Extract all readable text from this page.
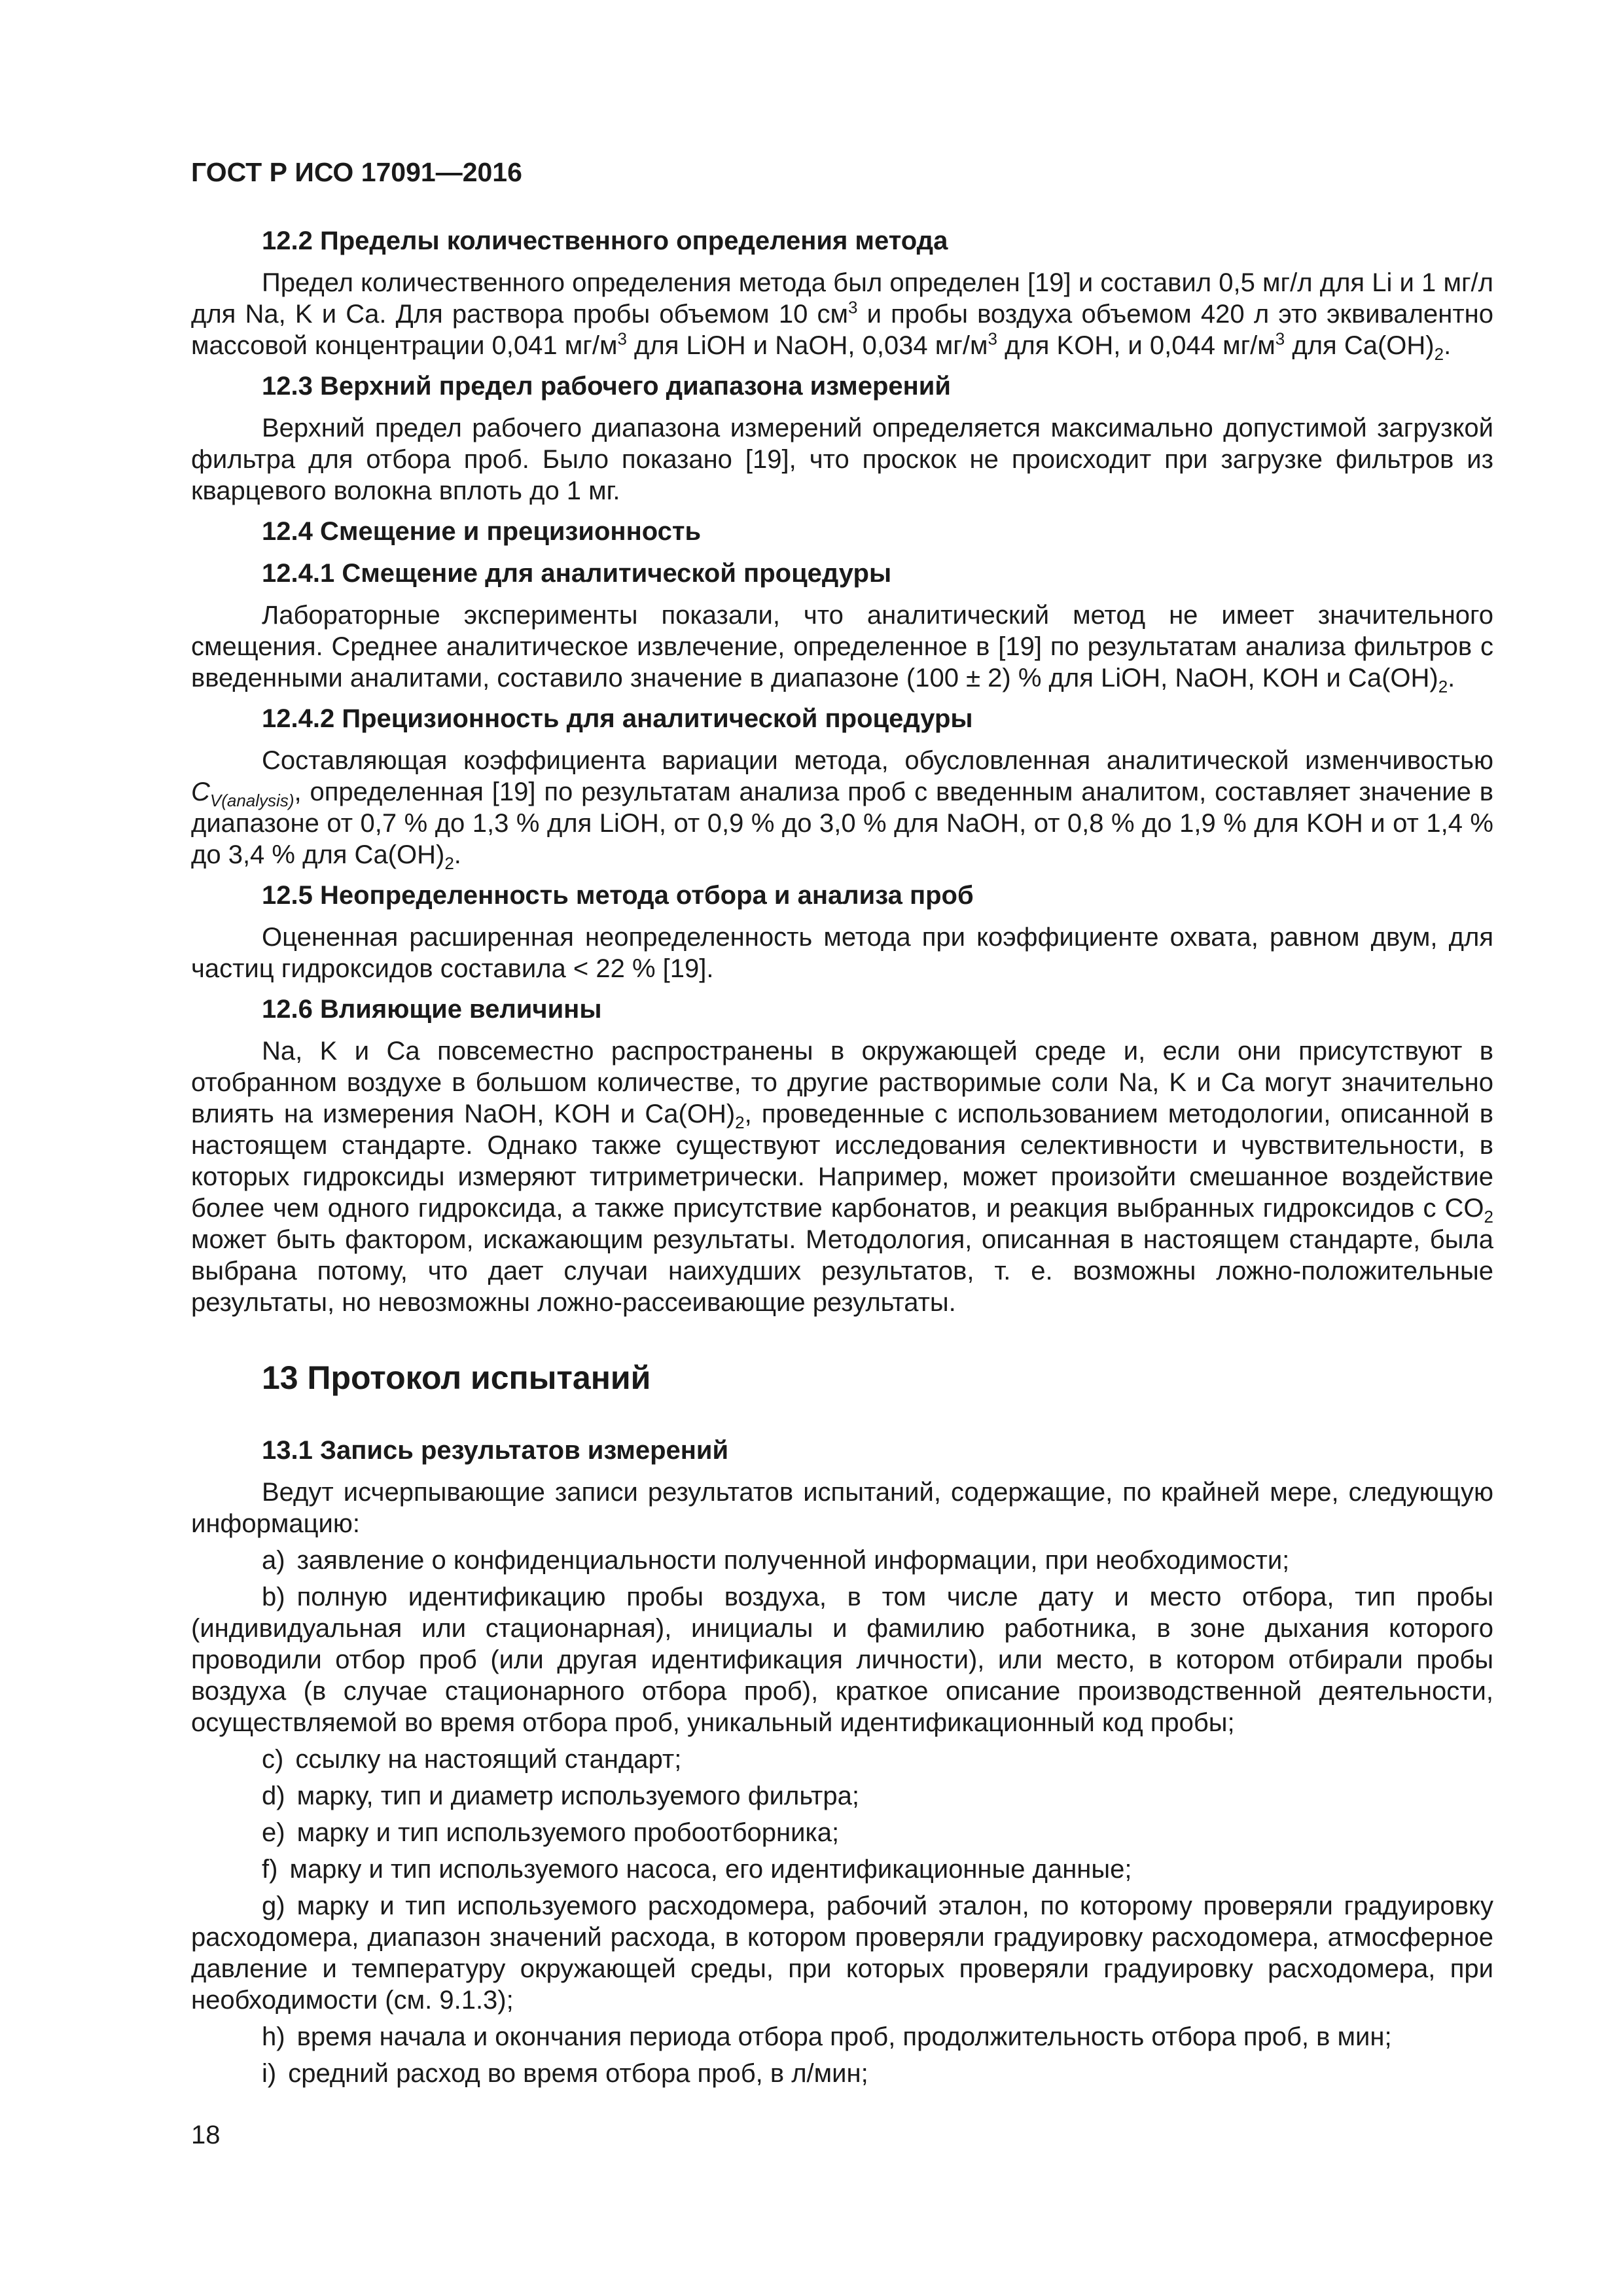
ГОСТ Р ИСО 17091—2016
12.2 Пределы количественного определения метода

Предел количественного определения метода был определен [19] и составил 0,5 мг/л для Li и 1 мг/л для Na, K и Ca. Для раствора пробы объемом 10 $см^3$ и пробы воздуха объемом 420 л это эквивалентно массовой концентрации 0,041 $мг/м^3$ для LiOH и NaOH, 0,034 $мг/м^3$ для KOH, и 0,044 $мг/м^3$ для $Ca(OH)_2$.

12.3 Верхний предел рабочего диапазона измерений

Верхний предел рабочего диапазона измерений определяется максимально допустимой загрузкой фильтра для отбора проб. Было показано [19], что проскок не происходит при загрузке фильтров из кварцевого волокна вплоть до 1 мг.

12.4 Смещение и прецизионность
12.4.1 Смещение для аналитической процедуры

Лабораторные эксперименты показали, что аналитический метод не имеет значительного смещения. Среднее аналитическое извлечение, определенное в [19] по результатам анализа фильтров с введенными аналитами, составило значение в диапазоне (100 ± 2) % для LiOH, NaOH, KOH и $Ca(OH)_2$.

12.4.2 Прецизионность для аналитической процедуры

Составляющая коэффициента вариации метода, обусловленная аналитической изменчивостью $C_{V(analysis)}$, определенная [19] по результатам анализа проб с введенным аналитом, составляет значение в диапазоне от 0,7 % до 1,3 % для LiOH, от 0,9 % до 3,0 % для NaOH, от 0,8 % до 1,9 % для KOH и от 1,4 % до 3,4 % для $Ca(OH)_2$.

12.5 Неопределенность метода отбора и анализа проб

Оцененная расширенная неопределенность метода при коэффициенте охвата, равном двум, для частиц гидроксидов составила < 22 % [19].

12.6 Влияющие величины

Na, K и Ca повсеместно распространены в окружающей среде и, если они присутствуют в отобранном воздухе в большом количестве, то другие растворимые соли Na, K и Ca могут значительно влиять на измерения NaOH, KOH и $Ca(OH)_2$, проведенные с использованием методологии, описанной в настоящем стандарте. Однако также существуют исследования селективности и чувствительности, в которых гидроксиды измеряют титриметрически. Например, может произойти смешанное воздействие более чем одного гидроксида, а также присутствие карбонатов, и реакция выбранных гидроксидов с $CO_2$ может быть фактором, искажающим результаты. Методология, описанная в настоящем стандарте, была выбрана потому, что дает случаи наихудших результатов, т. е. возможны ложно-положительные результаты, но невозможны ложно-рассеивающие результаты.

13 Протокол испытаний
13.1 Запись результатов измерений

Ведут исчерпывающие записи результатов испытаний, содержащие, по крайней мере, следующую информацию:

a) заявление о конфиденциальности полученной информации, при необходимости;

b) полную идентификацию пробы воздуха, в том числе дату и место отбора, тип пробы (индивидуальная или стационарная), инициалы и фамилию работника, в зоне дыхания которого проводили отбор проб (или другая идентификация личности), или место, в котором отбирали пробы воздуха (в случае стационарного отбора проб), краткое описание производственной деятельности, осуществляемой во время отбора проб, уникальный идентификационный код пробы;

c) ссылку на настоящий стандарт;

d) марку, тип и диаметр используемого фильтра;

e) марку и тип используемого пробоотборника;

f) марку и тип используемого насоса, его идентификационные данные;

g) марку и тип используемого расходомера, рабочий эталон, по которому проверяли градуировку расходомера, диапазон значений расхода, в котором проверяли градуировку расходомера, атмосферное давление и температуру окружающей среды, при которых проверяли градуировку расходомера, при необходимости (см. 9.1.3);

h) время начала и окончания периода отбора проб, продолжительность отбора проб, в мин;

i) средний расход во время отбора проб, в л/мин;

18
